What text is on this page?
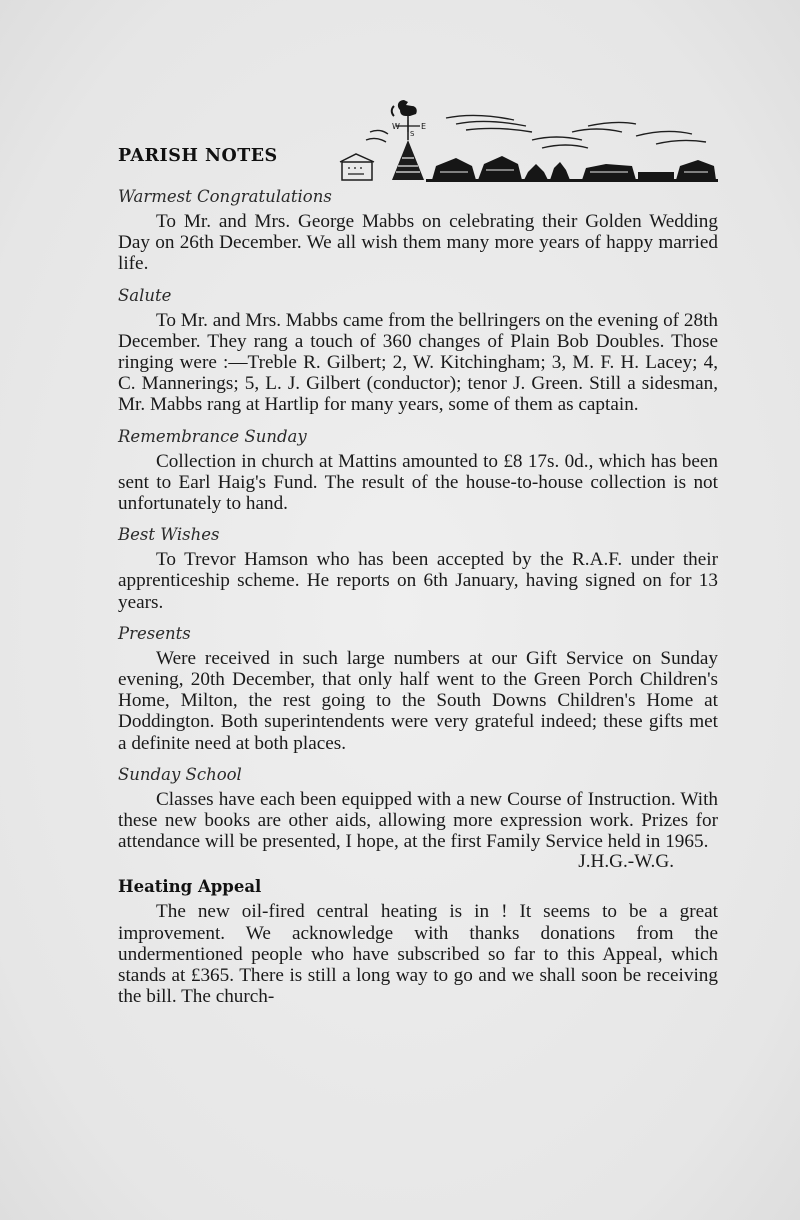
PARISH NOTES
W	E
S
Warmest Congratulations

To Mr. and Mrs. George Mabbs on celebrating their Golden Wedding Day on 26th December. We all wish them many more years of happy married life.

Salute

To Mr. and Mrs. Mabbs came from the bellringers on the evening of 28th December. They rang a touch of 360 changes of Plain Bob Doubles. Those ringing were :—Treble R. Gilbert; 2, W. Kitchingham; 3, M. F. H. Lacey; 4, C. Mannerings; 5, L. J. Gilbert (conductor); tenor J. Green. Still a sidesman, Mr. Mabbs rang at Hartlip for many years, some of them as captain.

Remembrance Sunday

Collection in church at Mattins amounted to £8 17s. 0d., which has been sent to Earl Haig's Fund. The result of the house-to-house collection is not unfortunately to hand.

Best Wishes

To Trevor Hamson who has been accepted by the R.A.F. under their apprenticeship scheme. He reports on 6th January, having signed on for 13 years.

Presents

Were received in such large numbers at our Gift Service on Sunday evening, 20th December, that only half went to the Green Porch Children's Home, Milton, the rest going to the South Downs Children's Home at Doddington. Both superintendents were very grateful indeed; these gifts met a definite need at both places.

Sunday School

Classes have each been equipped with a new Course of Instruction. With these new books are other aids, allowing more expression work. Prizes for attendance will be presented, I hope, at the first Family Service held in 1965.

J.H.G.-W.G.
Heating Appeal

The new oil-fired central heating is in ! It seems to be a great improvement. We acknowledge with thanks donations from the undermentioned people who have subscribed so far to this Appeal, which stands at £365. There is still a long way to go and we shall soon be receiving the bill. The church-
